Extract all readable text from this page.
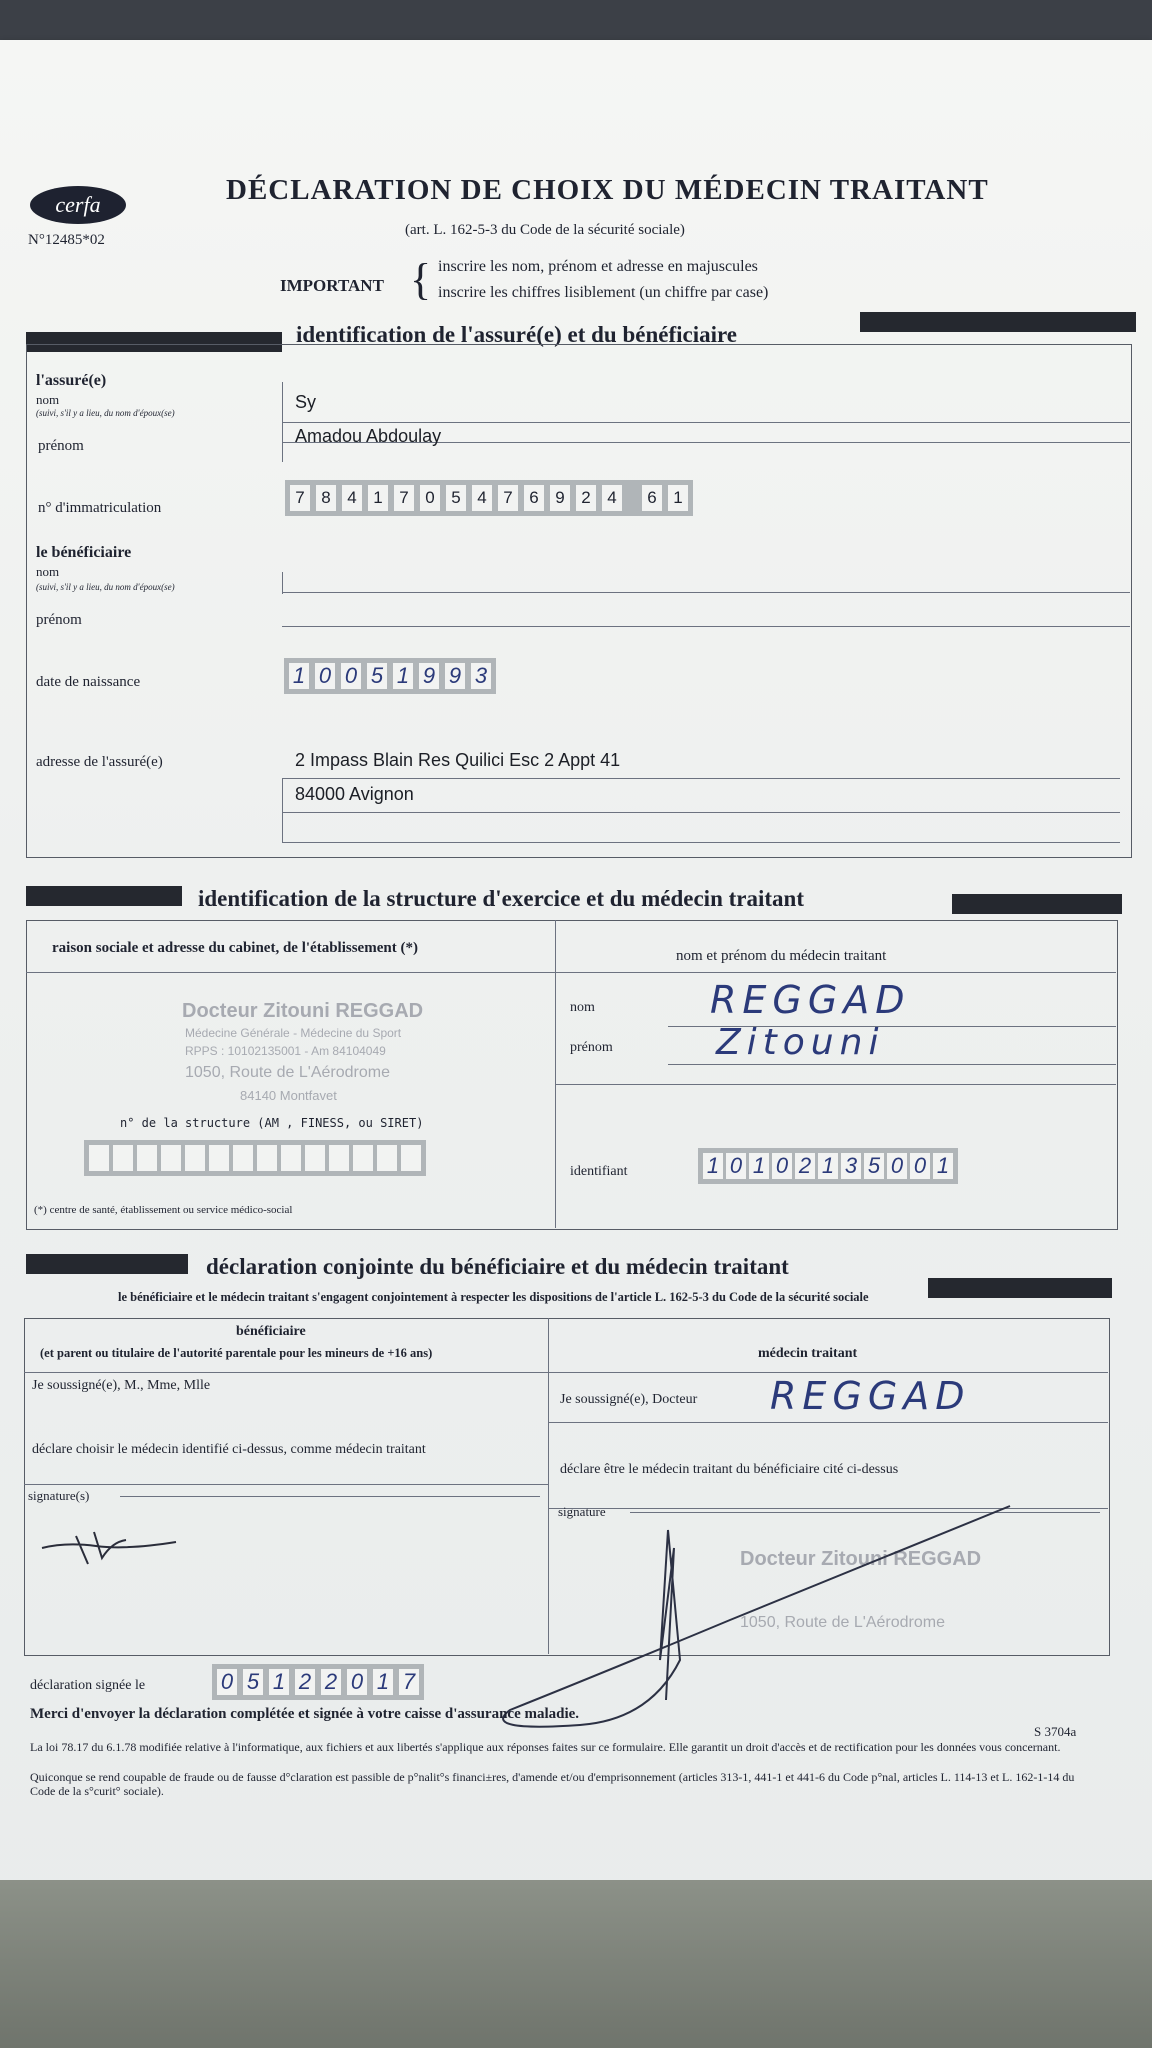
cerfa
N°12485*02
DÉCLARATION DE CHOIX DU MÉDECIN TRAITANT
(art. L. 162-5-3 du Code de la sécurité sociale)
IMPORTANT { inscrire les nom, prénom et adresse en majuscules
inscrire les chiffres lisiblement (un chiffre par case)
identification de l'assuré(e) et du bénéficiaire
l'assuré(e)
nom
(suivi, s'il y a lieu, du nom d'époux(se)
Sy
prénom	Amadou Abdoulay
n° d'immatriculation
7 8 4 1 7 0 5 4 7 6 9 2 4	6 1
le bénéficiaire
nom
(suivi, s'il y a lieu, du nom d'époux(se)
prénom
date de naissance	1 0 0 5 1 9 9 3
adresse de l'assuré(e)	2 Impass Blain Res Quilici Esc 2 Appt 41
84000 Avignon
identification de la structure d'exercice et du médecin traitant
raison sociale et adresse du cabinet, de l'établissement (*)	nom et prénom du médecin traitant
Docteur Zitouni REGGAD
Médecine Générale - Médecine du Sport
RPPS : 10102135001 - Am 84104049
1050, Route de L'Aérodrome
84140 Montfavet
n° de la structure (AM , FINESS, ou SIRET)
(*) centre de santé, établissement ou service médico-social
nom	REGGAD
prénom	Zitouni
identifiant	1 0 1 0 2 1 3 5 0 0 1
déclaration conjointe du bénéficiaire et du médecin traitant
le bénéficiaire et le médecin traitant s'engagent conjointement à respecter les dispositions de l'article L. 162-5-3 du Code de la sécurité sociale
bénéficiaire
(et parent ou titulaire de l'autorité parentale pour les mineurs de +16 ans)	médecin traitant
Je soussigné(e), M., Mme, Mlle
déclare choisir le médecin identifié ci-dessus, comme médecin traitant
signature(s)
Je soussigné(e), Docteur REGGAD
déclare être le médecin traitant du bénéficiaire cité ci-dessus
signature
Docteur Zitouni REGGAD
1050, Route de L'Aérodrome
déclaration signée le	0 5 1 2 2 0 1 7
Merci d'envoyer la déclaration complétée et signée à votre caisse d'assurance maladie.
S 3704a
La loi 78.17 du 6.1.78 modifiée relative à l'informatique, aux fichiers et aux libertés s'applique aux réponses faites sur ce formulaire. Elle garantit un droit d'accès et de rectification pour les données vous concernant.
Quiconque se rend coupable de fraude ou de fausse d°claration est passible de p°nalit°s financi±res, d'amende et/ou d'emprisonnement (articles 313-1, 441-1 et 441-6 du Code p°nal, articles L. 114-13 et L. 162-1-14 du Code de la s°curit° sociale).
